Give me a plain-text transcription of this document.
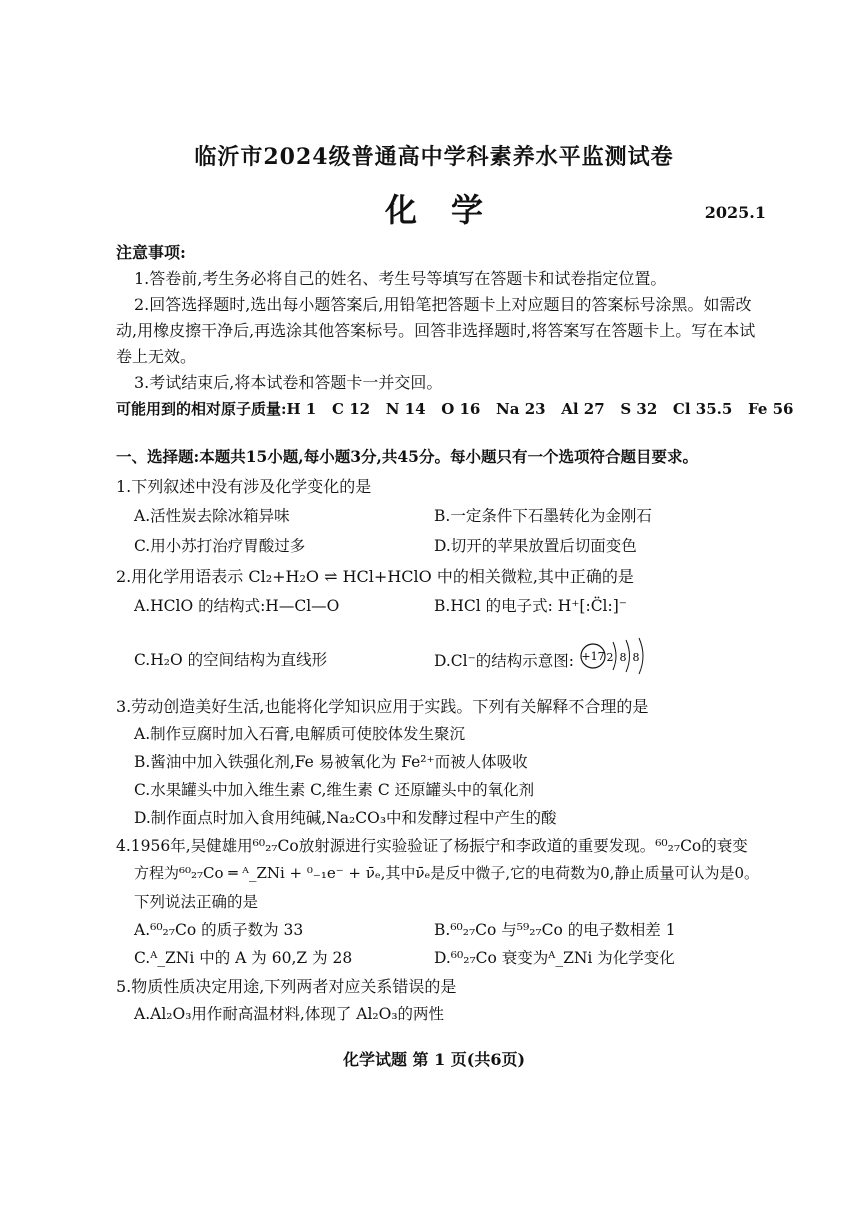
临沂市2024级普通高中学科素养水平监测试卷
化学	2025.1
注意事项:
1.答卷前,考生务必将自己的姓名、考生号等填写在答题卡和试卷指定位置。
2.回答选择题时,选出每小题答案后,用铅笔把答题卡上对应题目的答案标号涂黑。如需改动,用橡皮擦干净后,再选涂其他答案标号。回答非选择题时,将答案写在答题卡上。写在本试卷上无效。
3.考试结束后,将本试卷和答题卡一并交回。
可能用到的相对原子质量:H 1   C 12   N 14   O 16   Na 23   Al 27   S 32   Cl 35.5   Fe 56
一、选择题:本题共15小题,每小题3分,共45分。每小题只有一个选项符合题目要求。
1.下列叙述中没有涉及化学变化的是
A.活性炭去除冰箱异味	B.一定条件下石墨转化为金刚石
C.用小苏打治疗胃酸过多	D.切开的苹果放置后切面变色
2.用化学用语表示 Cl₂+H₂O ⇌ HCl+HClO 中的相关微粒,其中正确的是
A.HClO 的结构式:H—Cl—O	B.HCl 的电子式: H⁺[:C̈l:]⁻
C.H₂O 的空间结构为直线形	D.Cl⁻的结构示意图: +17 2 8 8
3.劳动创造美好生活,也能将化学知识应用于实践。下列有关解释不合理的是
A.制作豆腐时加入石膏,电解质可使胶体发生聚沉
B.酱油中加入铁强化剂,Fe 易被氧化为 Fe²⁺而被人体吸收
C.水果罐头中加入维生素 C,维生素 C 还原罐头中的氧化剂
D.制作面点时加入食用纯碱,Na₂CO₃中和发酵过程中产生的酸
4.1956年,吴健雄用⁶⁰₂₇Co放射源进行实验验证了杨振宁和李政道的重要发现。⁶⁰₂₇Co的衰变
方程为⁶⁰₂₇Co ═ ᴬ_ZNi + ⁰₋₁e⁻ + ν̄ₑ,其中ν̄ₑ是反中微子,它的电荷数为0,静止质量可认为是0。
下列说法正确的是
A.⁶⁰₂₇Co 的质子数为 33	B.⁶⁰₂₇Co 与⁵⁹₂₇Co 的电子数相差 1
C.ᴬ_ZNi 中的 A 为 60,Z 为 28	D.⁶⁰₂₇Co 衰变为ᴬ_ZNi 为化学变化
5.物质性质决定用途,下列两者对应关系错误的是
A.Al₂O₃用作耐高温材料,体现了 Al₂O₃的两性
化学试题 第 1 页(共6页)
